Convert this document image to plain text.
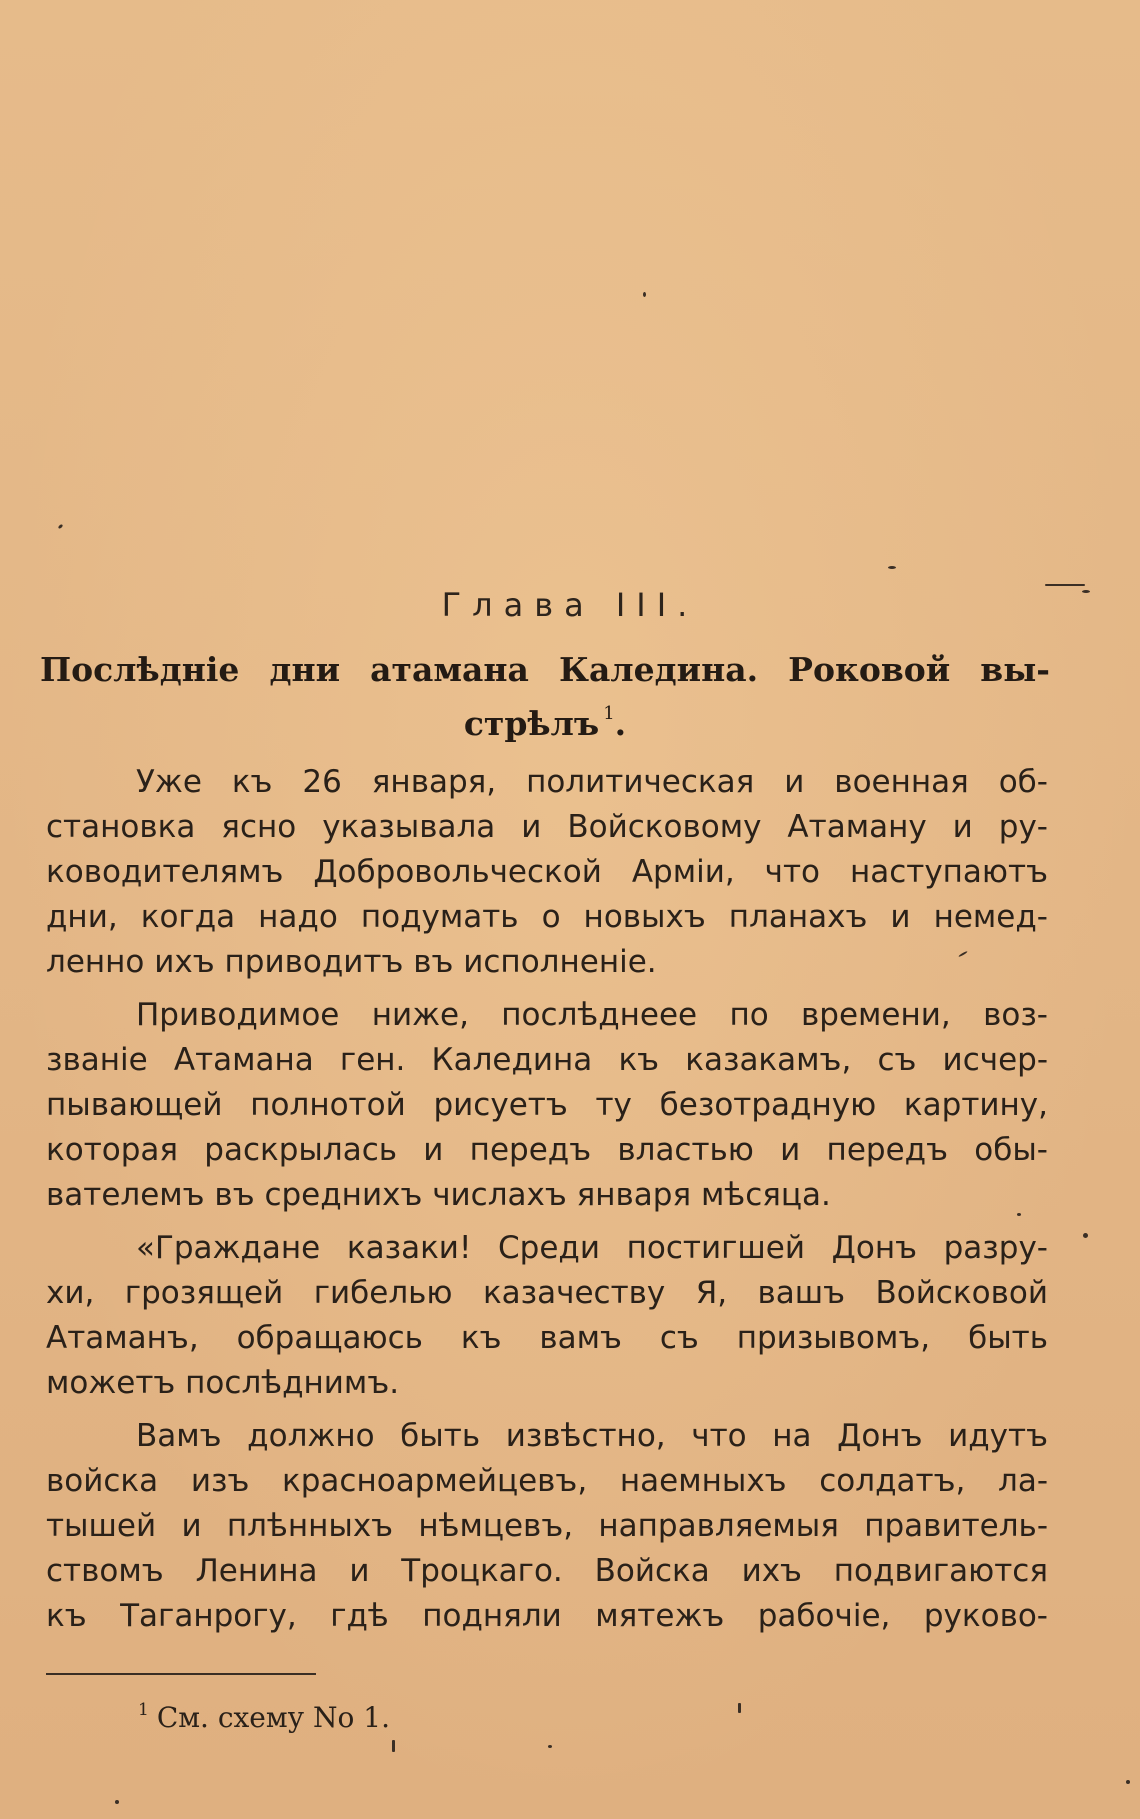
Глава III.
Послѣдніе дни атамана Каледина. Роковой вы-
стрѣлъ $^1$.
Уже къ 26 января, политическая и военная об-
становка ясно указывала и Войсковому Атаману и ру-
ководителямъ Добровольческой Арміи, что наступаютъ
дни, когда надо подумать о новыхъ планахъ и немед-
ленно ихъ приводитъ въ исполненіе.
Приводимое ниже, послѣднееe по времени, воз-
званіе Атамана ген. Каледина къ казакамъ, съ исчер-
пывающей полнотой рисуетъ ту безотрадную картину,
которая раскрылась и передъ властью и передъ обы-
вателемъ въ среднихъ числахъ января мѣсяца.
«Граждане казаки! Среди постигшей Донъ разру-
хи, грозящей гибелью казачеству Я, вашъ Войсковой
Атаманъ, обращаюсь къ вамъ съ призывомъ, быть
можетъ послѣднимъ.
Вамъ должно быть извѣстно, что на Донъ идутъ
войска изъ красноармейцевъ, наемныхъ солдатъ, ла-
тышей и плѣнныхъ нѣмцевъ, направляемыя правитель-
ствомъ Ленина и Троцкаго. Войска ихъ подвигаются
къ Таганрогу, гдѣ подняли мятежъ рабочіе, руково-
$^1$ См. схему No 1.
